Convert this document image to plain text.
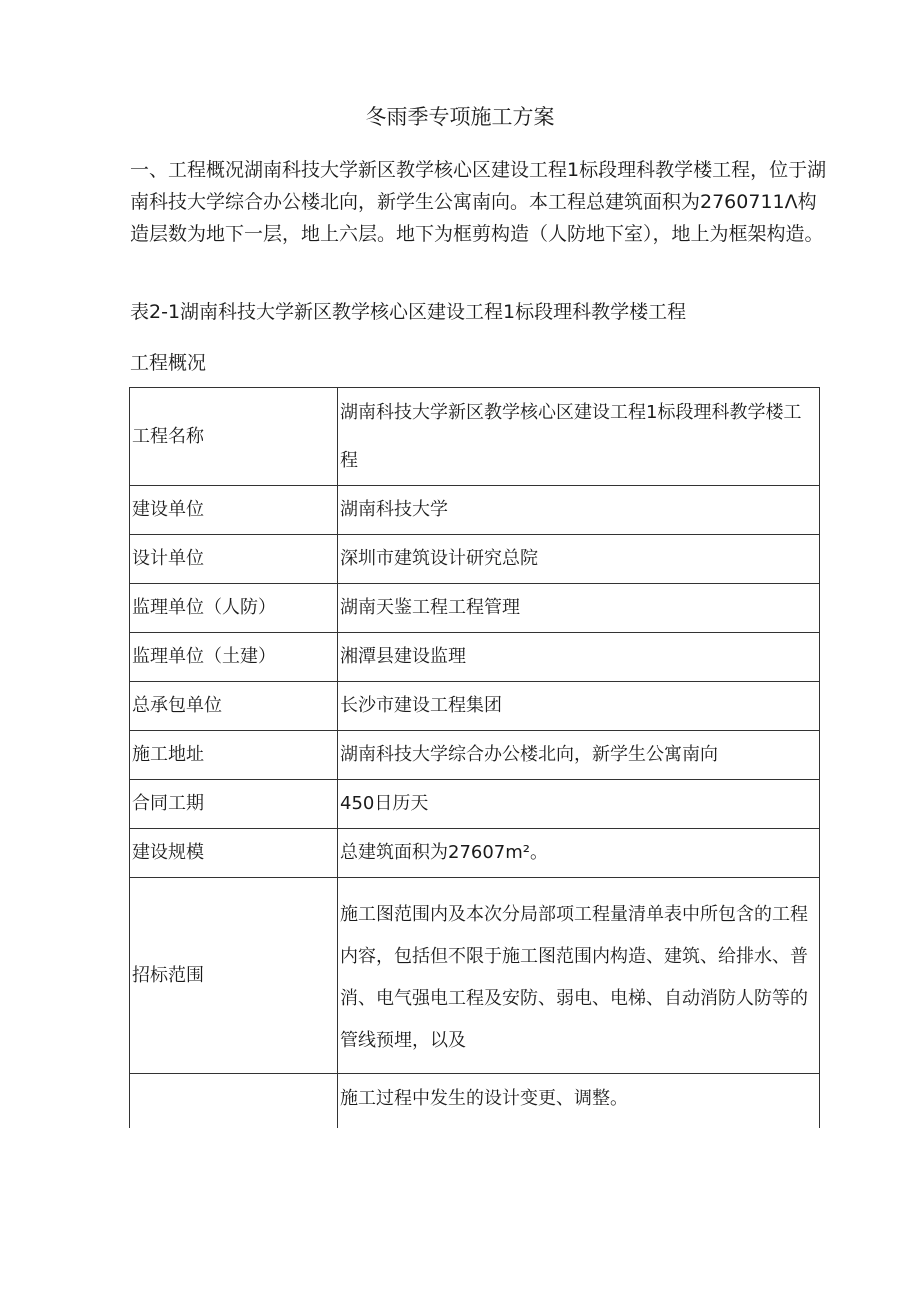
冬雨季专项施工方案
一、工程概况湖南科技大学新区教学核心区建设工程1标段理科教学楼工程，位于湖南科技大学综合办公楼北向，新学生公寓南向。本工程总建筑面积为2760711Λ构造层数为地下一层，地上六层。地下为框剪构造（人防地下室），地上为框架构造。
表2-1湖南科技大学新区教学核心区建设工程1标段理科教学楼工程
工程概况
工程名称	湖南科技大学新区教学核心区建设工程1标段理科教学楼工程
建设单位	湖南科技大学
设计单位	深圳市建筑设计研究总院
监理单位（人防）	湖南天鉴工程工程管理
监理单位（土建）	湘潭县建设监理
总承包单位	长沙市建设工程集团
施工地址	湖南科技大学综合办公楼北向，新学生公寓南向
合同工期	450日历天
建设规模	总建筑面积为27607m²。
招标范围	施工图范围内及本次分局部项工程量清单表中所包含的工程内容，包括但不限于施工图范围内构造、建筑、给排水、普消、电气强电工程及安防、弱电、电梯、自动消防人防等的管线预埋，以及
	施工过程中发生的设计变更、调整。
